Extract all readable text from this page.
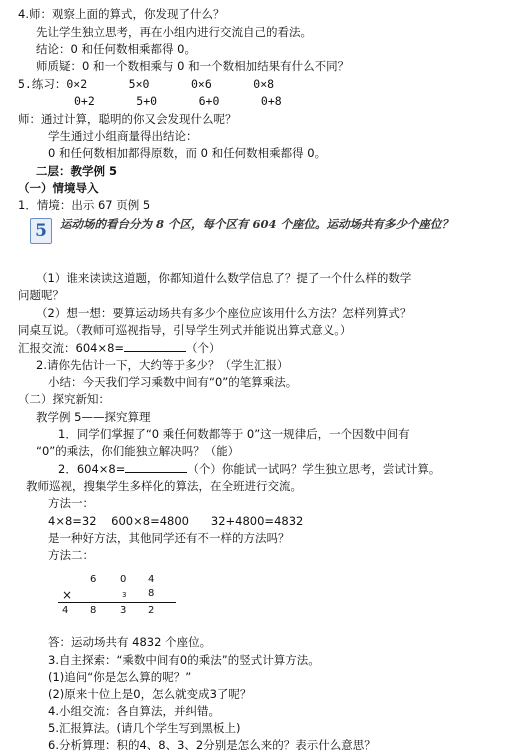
4.师：观察上面的算式，你发现了什么？
先让学生独立思考，再在小组内进行交流自己的看法。
结论：0 和任何数相乘都得 0。
师质疑：0 和一个数相乘与 0 和一个数相加结果有什么不同？
5.练习：0×2      5×0      0×6      0×8
0+2      5+0      6+0      0+8
师：通过计算，聪明的你又会发现什么呢？
学生通过小组商量得出结论：
0 和任何数相加都得原数，而 0 和任何数相乘都得 0。
二层：教学例 5
（一）情境导入
1．情境：出示 67 页例 5
5	运动场的看台分为 8 个区，每个区有 604 个座位。运动场共有多少个座位？
（1）谁来读读这道题，你都知道什么数学信息了？提了一个什么样的数学
问题呢？
（2）想一想：要算运动场共有多少个座位应该用什么方法？怎样列算式？
同桌互说。（教师可巡视指导，引导学生列式并能说出算式意义。）
汇报交流：604×8=	（个）
2.请你先估计一下，大约等于多少？（学生汇报）
小结：今天我们学习乘数中间有“0”的笔算乘法。
（二）探究新知：
教学例 5——探究算理
1．同学们掌握了“0 乘任何数都等于 0”这一规律后，一个因数中间有
“0”的乘法，你们能独立解决吗？（能）
2．604×8=	（个）你能试一试吗？学生独立思考，尝试计算。
教师巡视，搜集学生多样化的算法，在全班进行交流。
方法一：
4×8=32    600×8=4800      32+4800=4832
是一种好方法，其他同学还有不一样的方法吗？
方法二：
6 0 4
×	3 8
4 8 3 2
答：运动场共有 4832 个座位。
3.自主探索：“乘数中间有0的乘法”的竖式计算方法。
(1)追问“你是怎么算的呢？”
(2)原来十位上是0，怎么就变成3了呢？
4.小组交流：各自算法，并纠错。
5.汇报算法。(请几个学生写到黑板上)
6.分析算理：积的4、8、3、2分别是怎么来的？表示什么意思？
